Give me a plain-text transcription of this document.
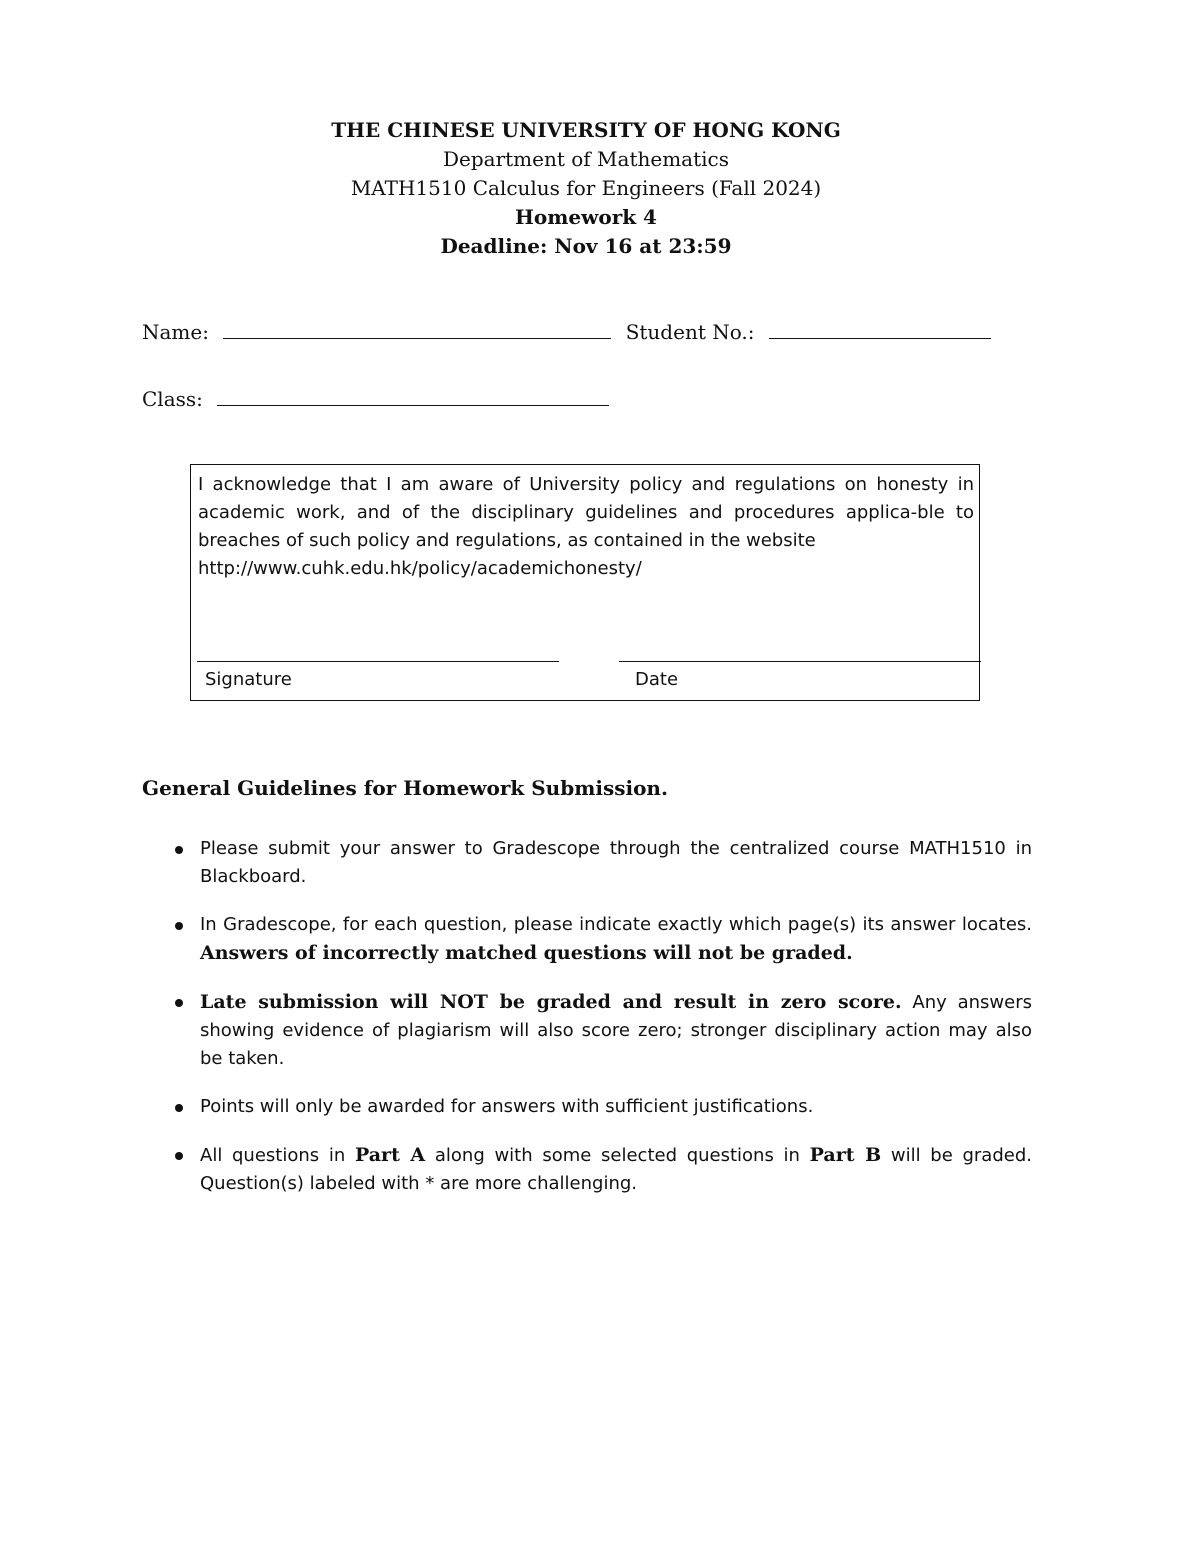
THE CHINESE UNIVERSITY OF HONG KONG
Department of Mathematics
MATH1510 Calculus for Engineers (Fall 2024)
Homework 4
Deadline: Nov 16 at 23:59
Name:	Student No.:
Class:
I acknowledge that I am aware of University policy and regulations on honesty in academic work, and of the disciplinary guidelines and procedures applica-ble to breaches of such policy and regulations, as contained in the website
http://www.cuhk.edu.hk/policy/academichonesty/
Signature	Date
General Guidelines for Homework Submission.
Please submit your answer to Gradescope through the centralized course MATH1510 in Blackboard.
In Gradescope, for each question, please indicate exactly which page(s) its answer locates. Answers of incorrectly matched questions will not be graded.
Late submission will NOT be graded and result in zero score. Any answers showing evidence of plagiarism will also score zero; stronger disciplinary action may also be taken.
Points will only be awarded for answers with sufficient justifications.
All questions in Part A along with some selected questions in Part B will be graded. Question(s) labeled with * are more challenging.
